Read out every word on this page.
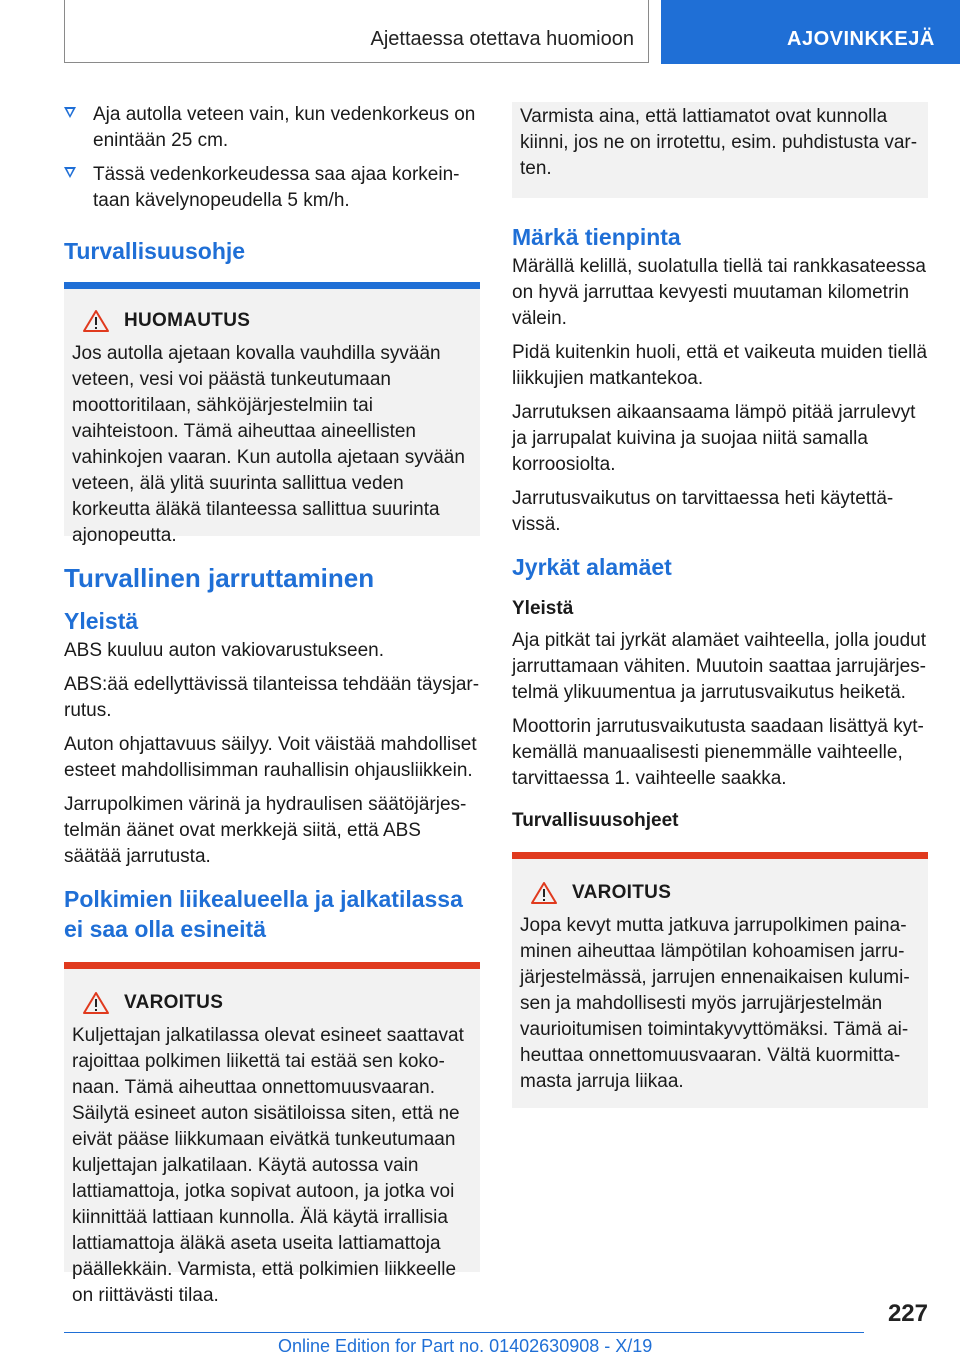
Ajettaessa otettava huomioon	AJOVINKKEJÄ
Aja autolla veteen vain, kun vedenkorkeus on enintään 25 cm.
Tässä vedenkorkeudessa saa ajaa korkeintaan kävelynopeudella 5 km/h.
Turvallisuusohje
HUOMAUTUS

Jos autolla ajetaan kovalla vauhdilla syvään veteen, vesi voi päästä tunkeutumaan moottoritilaan, sähköjärjestelmiin tai vaihteistoon. Tämä aiheuttaa aineellisten vahinkojen vaaran. Kun autolla ajetaan syvään veteen, älä ylitä suurinta sallittua veden korkeutta äläkä tilanteessa sallittua suurinta ajonopeutta.

Turvallinen jarruttaminen
Yleistä

ABS kuuluu auton vakiovarustukseen.

ABS:ää edellyttävissä tilanteissa tehdään täysjarrutus.

Auton ohjattavuus säilyy. Voit väistää mahdolliset esteet mahdollisimman rauhallisin ohjausliikkein.

Jarrupolkimen värinä ja hydraulisen säätöjärjestelmän äänet ovat merkkejä siitä, että ABS säätää jarrutusta.

Polkimien liikealueella ja jalkatilassa ei saa olla esineitä
VAROITUS

Kuljettajan jalkatilassa olevat esineet saattavat rajoittaa polkimen liikettä tai estää sen kokonaan. Tämä aiheuttaa onnettomuusvaaran. Säilytä esineet auton sisätiloissa siten, että ne eivät pääse liikkumaan eivätkä tunkeutumaan kuljettajan jalkatilaan. Käytä autossa vain lattiamattoja, jotka sopivat autoon, ja jotka voi kiinnittää lattiaan kunnolla. Älä käytä irrallisia lattiamattoja äläkä aseta useita lattiamattoja päällekkäin. Varmista, että polkimien liikkeelle on riittävästi tilaa.

Varmista aina, että lattiamatot ovat kunnolla kiinni, jos ne on irrotettu, esim. puhdistusta varten.

Märkä tienpinta

Märällä kelillä, suolatulla tiellä tai rankkasateessa on hyvä jarruttaa kevyesti muutaman kilometrin välein.

Pidä kuitenkin huoli, että et vaikeuta muiden tiellä liikkujien matkantekoa.

Jarrutuksen aikaansaama lämpö pitää jarrulevyt ja jarrupalat kuivina ja suojaa niitä samalla korroosiolta.

Jarrutusvaikutus on tarvittaessa heti käytettävissä.

Jyrkät alamäet
Yleistä

Aja pitkät tai jyrkät alamäet vaihteella, jolla joudut jarruttamaan vähiten. Muutoin saattaa jarrujärjestelmä ylikuumentua ja jarrutusvaikutus heiketä.

Moottorin jarrutusvaikutusta saadaan lisättyä kytkemällä manuaalisesti pienemmälle vaihteelle, tarvittaessa 1. vaihteelle saakka.

Turvallisuusohjeet
VAROITUS

Jopa kevyt mutta jatkuva jarrupolkimen painaminen aiheuttaa lämpötilan kohoamisen jarrujärjestelmässä, jarrujen ennenaikaisen kulumisen ja mahdollisesti myös jarrujärjestelmän vaurioitumisen toimintakyvyttömäksi. Tämä aiheuttaa onnettomuusvaaran. Vältä kuormittamasta jarruja liikaa.

227
Online Edition for Part no. 01402630908 - X/19
